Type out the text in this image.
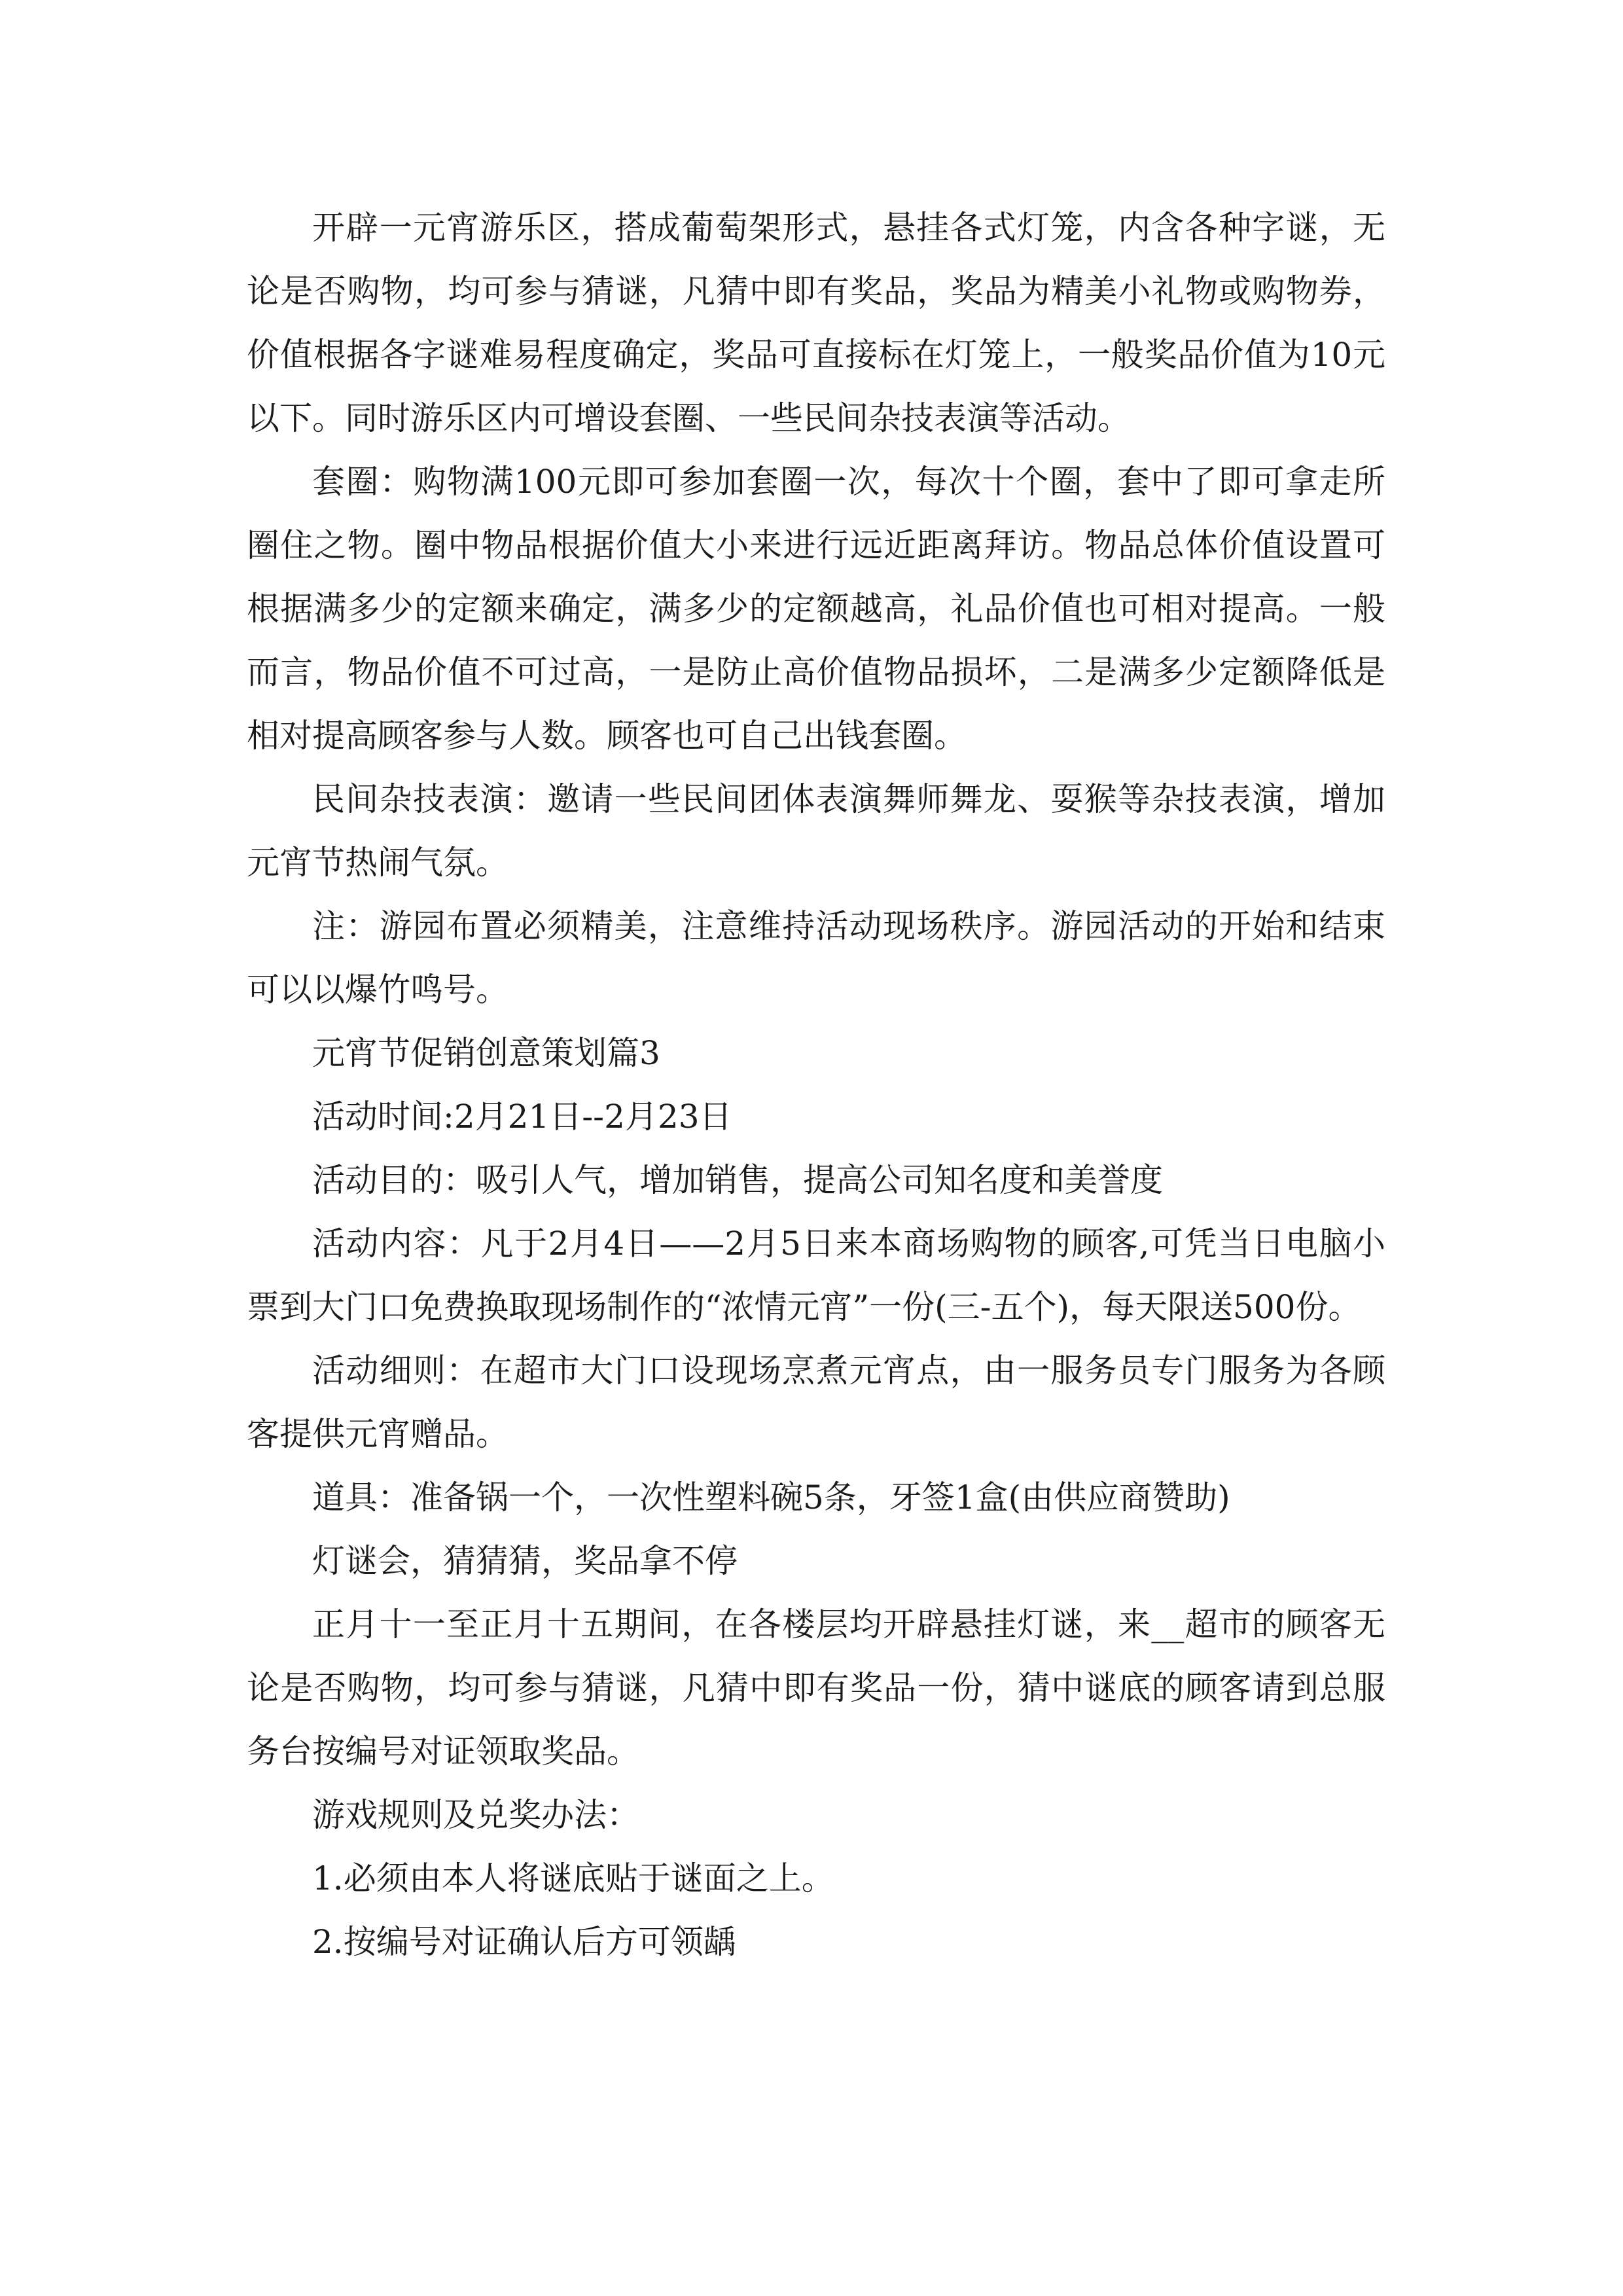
开辟一元宵游乐区，搭成葡萄架形式，悬挂各式灯笼，内含各种字谜，无论是否购物，均可参与猜谜，凡猜中即有奖品，奖品为精美小礼物或购物券，价值根据各字谜难易程度确定，奖品可直接标在灯笼上，一般奖品价值为10元以下。同时游乐区内可增设套圈、一些民间杂技表演等活动。

套圈：购物满100元即可参加套圈一次，每次十个圈，套中了即可拿走所圈住之物。圈中物品根据价值大小来进行远近距离拜访。物品总体价值设置可根据满多少的定额来确定，满多少的定额越高，礼品价值也可相对提高。一般而言，物品价值不可过高，一是防止高价值物品损坏，二是满多少定额降低是相对提高顾客参与人数。顾客也可自己出钱套圈。

民间杂技表演：邀请一些民间团体表演舞师舞龙、耍猴等杂技表演，增加元宵节热闹气氛。

注：游园布置必须精美，注意维持活动现场秩序。游园活动的开始和结束可以以爆竹鸣号。

元宵节促销创意策划篇3

活动时间:2月21日--2月23日

活动目的：吸引人气，增加销售，提高公司知名度和美誉度

活动内容：凡于2月4日——2月5日来本商场购物的顾客,可凭当日电脑小票到大门口免费换取现场制作的“浓情元宵”一份(三-五个)，每天限送500份。

活动细则：在超市大门口设现场烹煮元宵点，由一服务员专门服务为各顾客提供元宵赠品。

道具：准备锅一个，一次性塑料碗5条，牙签1盒(由供应商赞助)

灯谜会，猜猜猜，奖品拿不停

正月十一至正月十五期间，在各楼层均开辟悬挂灯谜，来__超市的顾客无论是否购物，均可参与猜谜，凡猜中即有奖品一份，猜中谜底的顾客请到总服务台按编号对证领取奖品。

游戏规则及兑奖办法：

1.必须由本人将谜底贴于谜面之上。

2.按编号对证确认后方可领龋
